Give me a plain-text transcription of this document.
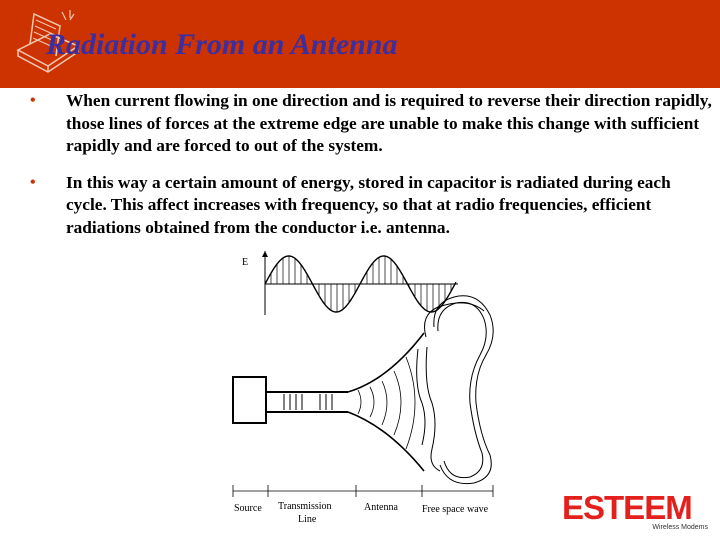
Radiation From an Antenna
• When current flowing in one direction and is required to reverse their direction rapidly, those lines of forces at the extreme edge are unable to make this change with sufficient rapidly and are forced to out of the system.
• In this way a certain amount of energy, stored in capacitor is radiated during each cycle. This affect increases with frequency, so that at radio frequencies, efficient radiations obtained from the conductor i.e. antenna.
E
Source Transmission
Line
Antenna Free space wave ESTEEM
Wireless Modems
